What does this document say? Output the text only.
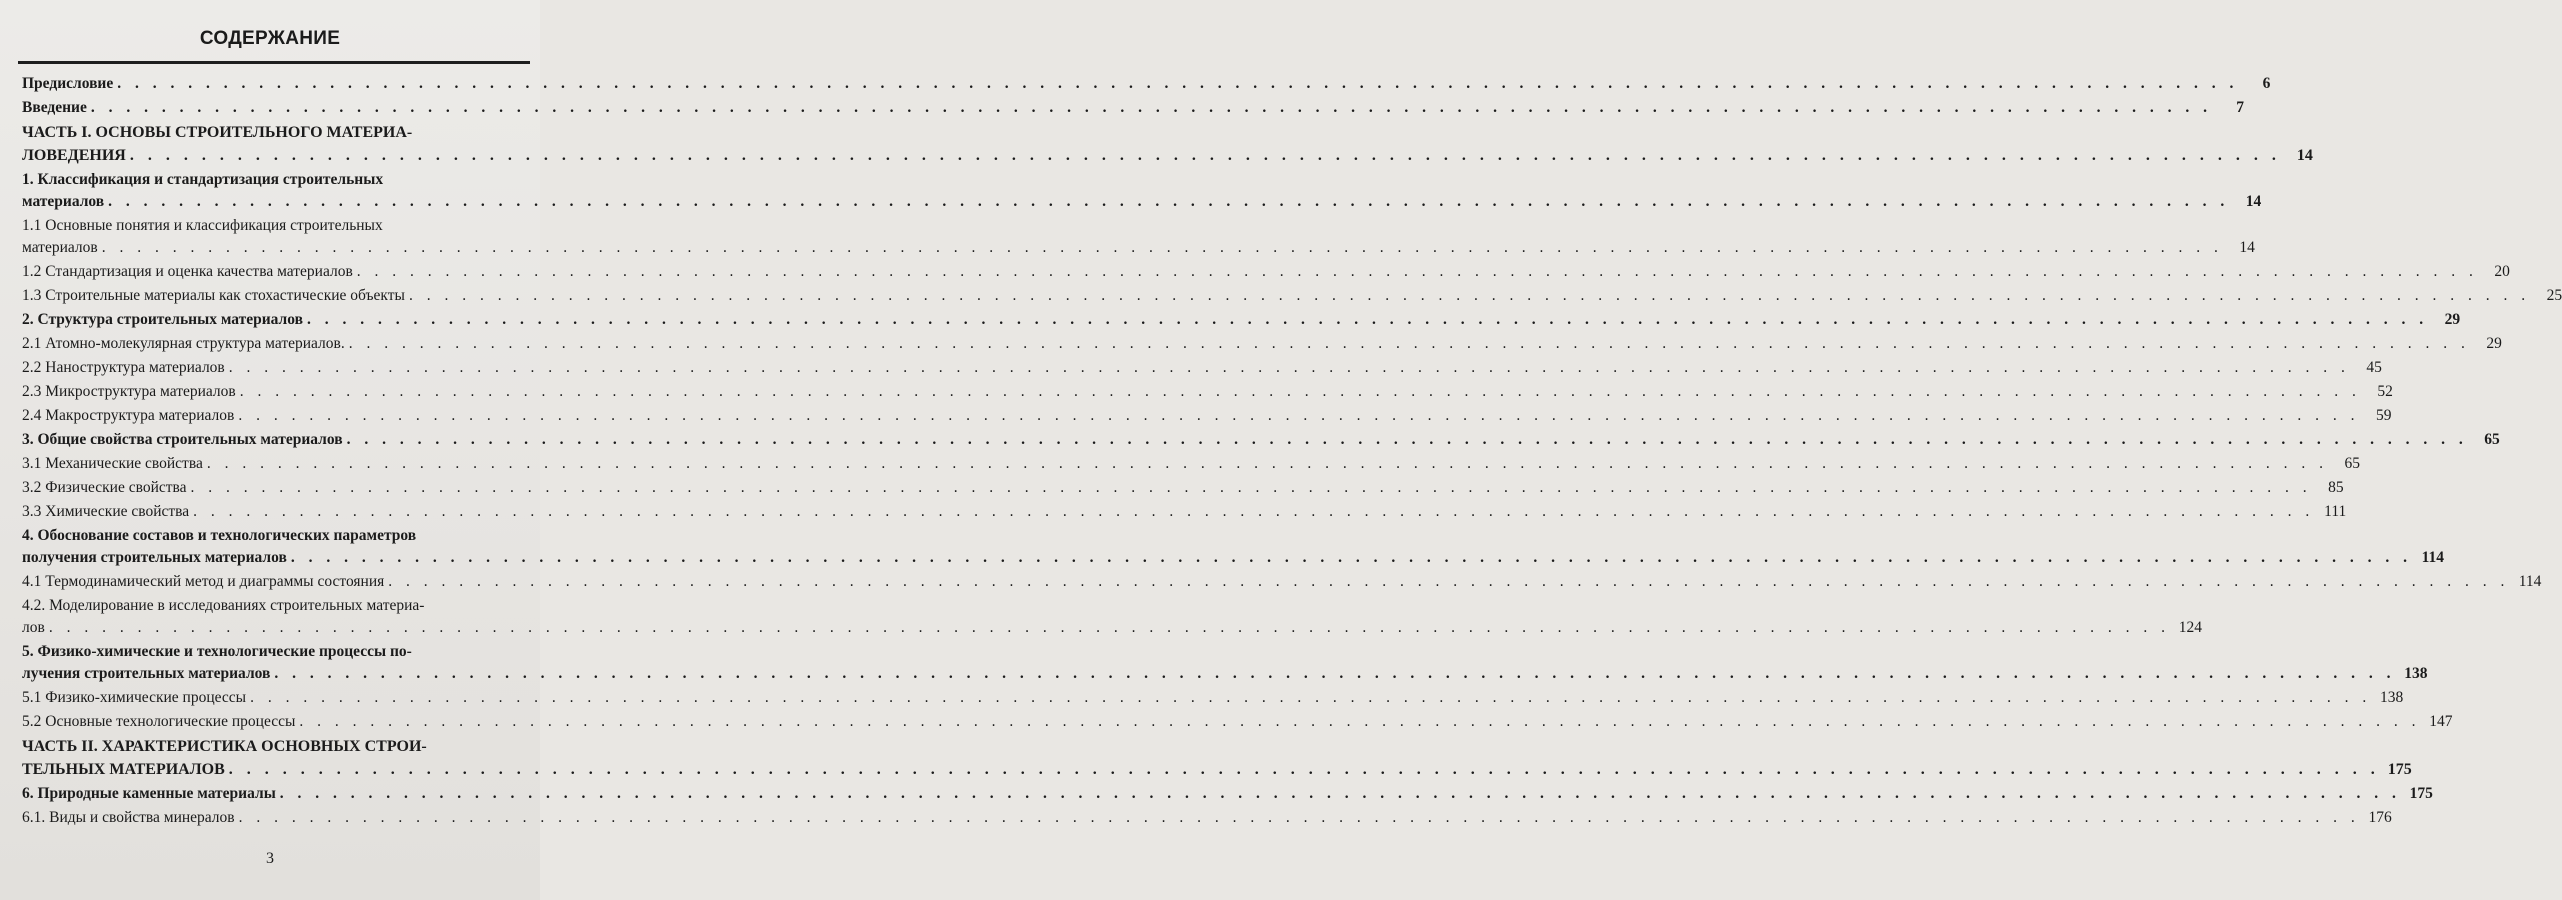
СОДЕРЖАНИЕ
Предисловие . . . . . . . . . . . . . . . . . . . . . . . . . . . . . . . . . . . . . . . . . . . . . . . . . . . . . . . . . . . . . . . . . . . . . . . . . . . . . . . . . . . . . . . . . . . . . . . . . . . . . . . . . . . . . . . . . . . . . . . .	6
Введение . . . . . . . . . . . . . . . . . . . . . . . . . . . . . . . . . . . . . . . . . . . . . . . . . . . . . . . . . . . . . . . . . . . . . . . . . . . . . . . . . . . . . . . . . . . . . . . . . . . . . . . . . . . . . . . . . . . . . . . .	7
ЧАСТЬ I. ОСНОВЫ СТРОИТЕЛЬНОГО МАТЕРИА-
ЛОВЕДЕНИЯ . . . . . . . . . . . . . . . . . . . . . . . . . . . . . . . . . . . . . . . . . . . . . . . . . . . . . . . . . . . . . . . . . . . . . . . . . . . . . . . . . . . . . . . . . . . . . . . . . . . . . . . . . . . . . . . . . . . . . . . .	14
1. Классификация и стандартизация строительных
материалов . . . . . . . . . . . . . . . . . . . . . . . . . . . . . . . . . . . . . . . . . . . . . . . . . . . . . . . . . . . . . . . . . . . . . . . . . . . . . . . . . . . . . . . . . . . . . . . . . . . . . . . . . . . . . . . . . . . . . . . .	14
1.1 Основные понятия и классификация строительных
материалов . . . . . . . . . . . . . . . . . . . . . . . . . . . . . . . . . . . . . . . . . . . . . . . . . . . . . . . . . . . . . . . . . . . . . . . . . . . . . . . . . . . . . . . . . . . . . . . . . . . . . . . . . . . . . . . . . . . . . . . .	14
1.2 Стандартизация и оценка качества материалов . . . . . . . . . . . . . . . . . . . . . . . . . . . . . . . . . . . . . . . . . . . . . . . . . . . . . . . . . . . . . . . . . . . . . . . . . . . . . . . . . . . . . . . . . . . . . . . . . . . . . . . . . . . . . . . . . . . . . . . .	20
1.3 Строительные материалы как стохастические объекты . . . . . . . . . . . . . . . . . . . . . . . . . . . . . . . . . . . . . . . . . . . . . . . . . . . . . . . . . . . . . . . . . . . . . . . . . . . . . . . . . . . . . . . . . . . . . . . . . . . . . . . . . . . . . . . . . . . . . . . .	25
2. Структура строительных материалов . . . . . . . . . . . . . . . . . . . . . . . . . . . . . . . . . . . . . . . . . . . . . . . . . . . . . . . . . . . . . . . . . . . . . . . . . . . . . . . . . . . . . . . . . . . . . . . . . . . . . . . . . . . . . . . . . . . . . . . .	29
2.1 Атомно-молекулярная структура материалов. . . . . . . . . . . . . . . . . . . . . . . . . . . . . . . . . . . . . . . . . . . . . . . . . . . . . . . . . . . . . . . . . . . . . . . . . . . . . . . . . . . . . . . . . . . . . . . . . . . . . . . . . . . . . . . . . . . . . . . . .	29
2.2 Наноструктура материалов . . . . . . . . . . . . . . . . . . . . . . . . . . . . . . . . . . . . . . . . . . . . . . . . . . . . . . . . . . . . . . . . . . . . . . . . . . . . . . . . . . . . . . . . . . . . . . . . . . . . . . . . . . . . . . . . . . . . . . . .	45
2.3 Микроструктура материалов . . . . . . . . . . . . . . . . . . . . . . . . . . . . . . . . . . . . . . . . . . . . . . . . . . . . . . . . . . . . . . . . . . . . . . . . . . . . . . . . . . . . . . . . . . . . . . . . . . . . . . . . . . . . . . . . . . . . . . . .	52
2.4 Макроструктура материалов . . . . . . . . . . . . . . . . . . . . . . . . . . . . . . . . . . . . . . . . . . . . . . . . . . . . . . . . . . . . . . . . . . . . . . . . . . . . . . . . . . . . . . . . . . . . . . . . . . . . . . . . . . . . . . . . . . . . . . . .	59
3. Общие свойства строительных материалов . . . . . . . . . . . . . . . . . . . . . . . . . . . . . . . . . . . . . . . . . . . . . . . . . . . . . . . . . . . . . . . . . . . . . . . . . . . . . . . . . . . . . . . . . . . . . . . . . . . . . . . . . . . . . . . . . . . . . . . .	65
3.1 Механические свойства . . . . . . . . . . . . . . . . . . . . . . . . . . . . . . . . . . . . . . . . . . . . . . . . . . . . . . . . . . . . . . . . . . . . . . . . . . . . . . . . . . . . . . . . . . . . . . . . . . . . . . . . . . . . . . . . . . . . . . . .	65
3.2 Физические свойства . . . . . . . . . . . . . . . . . . . . . . . . . . . . . . . . . . . . . . . . . . . . . . . . . . . . . . . . . . . . . . . . . . . . . . . . . . . . . . . . . . . . . . . . . . . . . . . . . . . . . . . . . . . . . . . . . . . . . . . .	85
3.3 Химические свойства . . . . . . . . . . . . . . . . . . . . . . . . . . . . . . . . . . . . . . . . . . . . . . . . . . . . . . . . . . . . . . . . . . . . . . . . . . . . . . . . . . . . . . . . . . . . . . . . . . . . . . . . . . . . . . . . . . . . . . . . 111
4. Обоснование составов и технологических параметров
получения строительных материалов . . . . . . . . . . . . . . . . . . . . . . . . . . . . . . . . . . . . . . . . . . . . . . . . . . . . . . . . . . . . . . . . . . . . . . . . . . . . . . . . . . . . . . . . . . . . . . . . . . . . . . . . . . . . . . . . . . . . . . . . 114
4.1 Термодинамический метод и диаграммы состояния . . . . . . . . . . . . . . . . . . . . . . . . . . . . . . . . . . . . . . . . . . . . . . . . . . . . . . . . . . . . . . . . . . . . . . . . . . . . . . . . . . . . . . . . . . . . . . . . . . . . . . . . . . . . . . . . . . . . . . . . 114
4.2. Моделирование в исследованиях строительных материа-
лов . . . . . . . . . . . . . . . . . . . . . . . . . . . . . . . . . . . . . . . . . . . . . . . . . . . . . . . . . . . . . . . . . . . . . . . . . . . . . . . . . . . . . . . . . . . . . . . . . . . . . . . . . . . . . . . . . . . . . . . . 124
5. Физико-химические и технологические процессы по-
лучения строительных материалов . . . . . . . . . . . . . . . . . . . . . . . . . . . . . . . . . . . . . . . . . . . . . . . . . . . . . . . . . . . . . . . . . . . . . . . . . . . . . . . . . . . . . . . . . . . . . . . . . . . . . . . . . . . . . . . . . . . . . . . . 138
5.1 Физико-химические процессы . . . . . . . . . . . . . . . . . . . . . . . . . . . . . . . . . . . . . . . . . . . . . . . . . . . . . . . . . . . . . . . . . . . . . . . . . . . . . . . . . . . . . . . . . . . . . . . . . . . . . . . . . . . . . . . . . . . . . . . . 138
5.2 Основные технологические процессы . . . . . . . . . . . . . . . . . . . . . . . . . . . . . . . . . . . . . . . . . . . . . . . . . . . . . . . . . . . . . . . . . . . . . . . . . . . . . . . . . . . . . . . . . . . . . . . . . . . . . . . . . . . . . . . . . . . . . . . . 147
ЧАСТЬ II. ХАРАКТЕРИСТИКА ОСНОВНЫХ СТРОИ-
ТЕЛЬНЫХ МАТЕРИАЛОВ . . . . . . . . . . . . . . . . . . . . . . . . . . . . . . . . . . . . . . . . . . . . . . . . . . . . . . . . . . . . . . . . . . . . . . . . . . . . . . . . . . . . . . . . . . . . . . . . . . . . . . . . . . . . . . . . . . . . . . . . 175
6. Природные каменные материалы . . . . . . . . . . . . . . . . . . . . . . . . . . . . . . . . . . . . . . . . . . . . . . . . . . . . . . . . . . . . . . . . . . . . . . . . . . . . . . . . . . . . . . . . . . . . . . . . . . . . . . . . . . . . . . . . . . . . . . . . 175
6.1. Виды и свойства минералов . . . . . . . . . . . . . . . . . . . . . . . . . . . . . . . . . . . . . . . . . . . . . . . . . . . . . . . . . . . . . . . . . . . . . . . . . . . . . . . . . . . . . . . . . . . . . . . . . . . . . . . . . . . . . . . . . . . . . . . . 176
3
